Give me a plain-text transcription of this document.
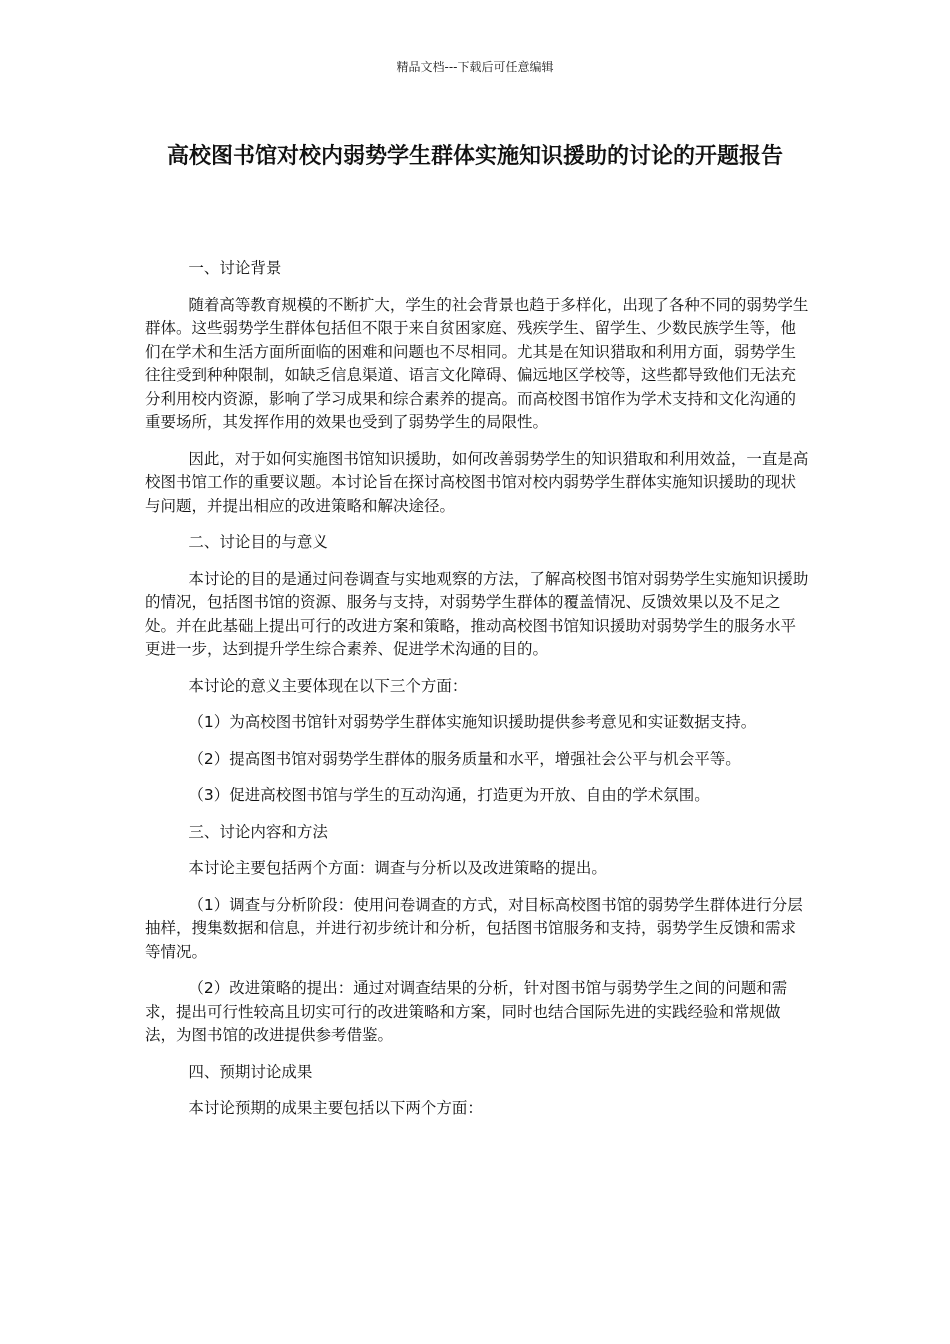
精品文档---下载后可任意编辑
高校图书馆对校内弱势学生群体实施知识援助的讨论的开题报告

一、讨论背景

随着高等教育规模的不断扩大，学生的社会背景也趋于多样化，出现了各种不同的弱势学生群体。这些弱势学生群体包括但不限于来自贫困家庭、残疾学生、留学生、少数民族学生等，他们在学术和生活方面所面临的困难和问题也不尽相同。尤其是在知识猎取和利用方面，弱势学生往往受到种种限制，如缺乏信息渠道、语言文化障碍、偏远地区学校等，这些都导致他们无法充分利用校内资源，影响了学习成果和综合素养的提高。而高校图书馆作为学术支持和文化沟通的重要场所，其发挥作用的效果也受到了弱势学生的局限性。

因此，对于如何实施图书馆知识援助，如何改善弱势学生的知识猎取和利用效益，一直是高校图书馆工作的重要议题。本讨论旨在探讨高校图书馆对校内弱势学生群体实施知识援助的现状与问题，并提出相应的改进策略和解决途径。

二、讨论目的与意义

本讨论的目的是通过问卷调查与实地观察的方法，了解高校图书馆对弱势学生实施知识援助的情况，包括图书馆的资源、服务与支持，对弱势学生群体的覆盖情况、反馈效果以及不足之处。并在此基础上提出可行的改进方案和策略，推动高校图书馆知识援助对弱势学生的服务水平更进一步，达到提升学生综合素养、促进学术沟通的目的。

本讨论的意义主要体现在以下三个方面：

（1）为高校图书馆针对弱势学生群体实施知识援助提供参考意见和实证数据支持。

（2）提高图书馆对弱势学生群体的服务质量和水平，增强社会公平与机会平等。

（3）促进高校图书馆与学生的互动沟通，打造更为开放、自由的学术氛围。

三、讨论内容和方法

本讨论主要包括两个方面：调查与分析以及改进策略的提出。

（1）调查与分析阶段：使用问卷调查的方式，对目标高校图书馆的弱势学生群体进行分层抽样，搜集数据和信息，并进行初步统计和分析，包括图书馆服务和支持，弱势学生反馈和需求等情况。

（2）改进策略的提出：通过对调查结果的分析，针对图书馆与弱势学生之间的问题和需求，提出可行性较高且切实可行的改进策略和方案，同时也结合国际先进的实践经验和常规做法，为图书馆的改进提供参考借鉴。

四、预期讨论成果

本讨论预期的成果主要包括以下两个方面：
